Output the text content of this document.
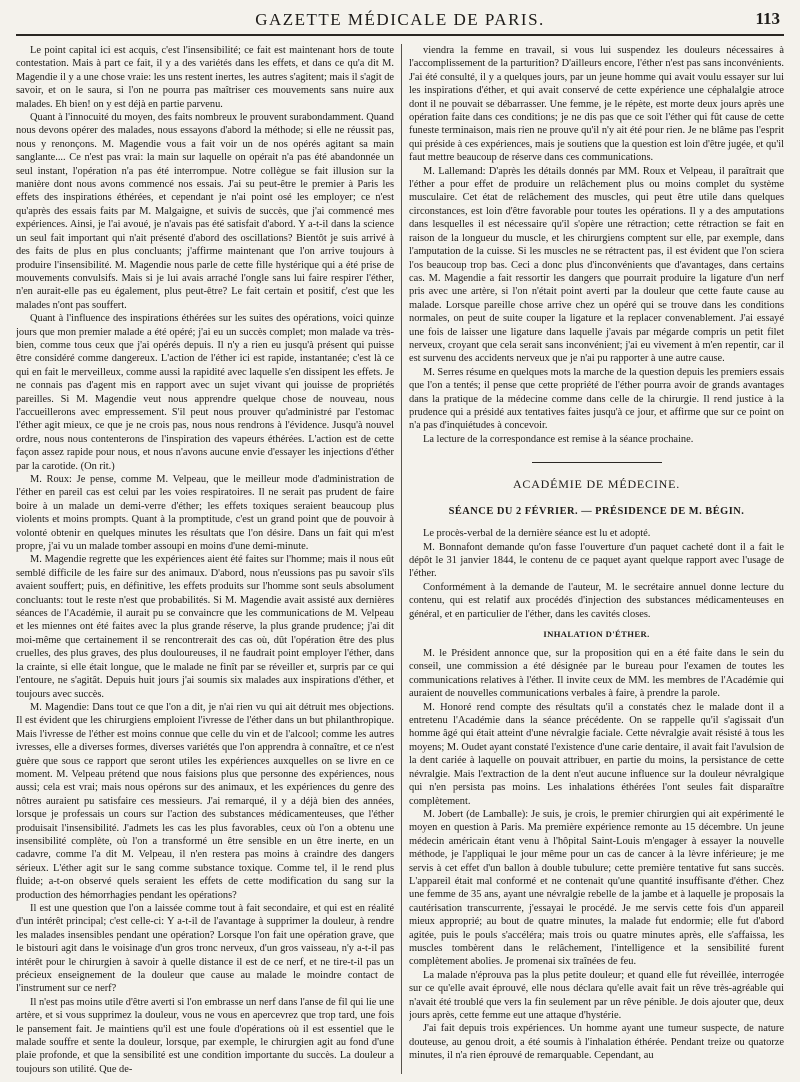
GAZETTE MÉDICALE DE PARIS.	113

Le point capital ici est acquis, c'est l'insensibilité; ce fait est maintenant hors de toute contestation. Mais à part ce fait, il y a des variétés dans les effets, et dans ce qu'a dit M. Magendie il y a une chose vraie: les uns restent inertes, les autres s'agitent; mais il s'agit de savoir, et on le saura, si l'on ne pourra pas maîtriser ces mouvements sans nuire aux malades. Eh bien! on y est déjà en partie parvenu.

Quant à l'innocuité du moyen, des faits nombreux le prouvent surabondamment. Quand nous devons opérer des malades, nous essayons d'abord la méthode; si elle ne réussit pas, nous y renonçons. M. Magendie vous a fait voir un de nos opérés agitant sa main sanglante.... Ce n'est pas vrai: la main sur laquelle on opérait n'a pas été abandonnée un seul instant, l'opération n'a pas été interrompue. Notre collègue se fait illusion sur la manière dont nous avons commencé nos essais. J'ai su peut-être le premier à Paris les effets des inspirations éthérées, et cependant je n'ai point osé les employer; ce n'est qu'après des essais faits par M. Malgaigne, et suivis de succès, que j'ai commencé mes expériences. Ainsi, je l'ai avoué, je n'avais pas été satisfait d'abord. Y a-t-il dans la science un seul fait important qui n'ait présenté d'abord des oscillations? Bientôt je suis arrivé à des faits de plus en plus concluants; j'affirme maintenant que l'on arrive toujours à produire l'insensibilité. M. Magendie nous parle de cette fille hystérique qui a été prise de mouvements convulsifs. Mais si je lui avais arraché l'ongle sans lui faire respirer l'éther, n'en aurait-elle pas eu également, plus peut-être? Le fait certain et positif, c'est que les malades n'ont pas souffert.

Quant à l'influence des inspirations éthérées sur les suites des opérations, voici quinze jours que mon premier malade a été opéré; j'ai eu un succès complet; mon malade va très-bien, comme tous ceux que j'ai opérés depuis. Il n'y a rien eu jusqu'à présent qui puisse être considéré comme dangereux. L'action de l'éther ici est rapide, instantanée; c'est là ce qui en fait le merveilleux, comme aussi la rapidité avec laquelle s'en dissipent les effets. Je ne connais pas d'agent mis en rapport avec un sujet vivant qui jouisse de propriétés pareilles. Si M. Magendie veut nous apprendre quelque chose de nouveau, nous l'accueillerons avec empressement. S'il peut nous prouver qu'administré par l'estomac l'éther agit mieux, ce que je ne crois pas, nous nous rendrons à l'évidence. Jusqu'à nouvel ordre, nous nous contenterons de l'inspiration des vapeurs éthérées. L'action est de cette façon assez rapide pour nous, et nous n'avons aucune envie d'essayer les injections d'éther par la carotide. (On rit.)

M. Roux: Je pense, comme M. Velpeau, que le meilleur mode d'administration de l'éther en pareil cas est celui par les voies respiratoires. Il ne serait pas prudent de faire boire à un malade un demi-verre d'éther; les effets toxiques seraient beaucoup plus violents et moins prompts. Quant à la promptitude, c'est un grand point que de pouvoir à volonté obtenir en quelques minutes les résultats que l'on désire. Dans un fait qui m'est propre, j'ai vu un malade tomber assoupi en moins d'une demi-minute.

M. Magendie regrette que les expériences aient été faites sur l'homme; mais il nous eût semblé difficile de les faire sur des animaux. D'abord, nous n'eussions pas pu savoir s'ils avaient souffert; puis, en définitive, les effets produits sur l'homme sont seuls absolument concluants: tout le reste n'est que probabilités. Si M. Magendie avait assisté aux dernières séances de l'Académie, il aurait pu se convaincre que les communications de M. Velpeau et les miennes ont été faites avec la plus grande réserve, la plus grande prudence; j'ai dit moi-même que certainement il se rencontrerait des cas où, dût l'opération être des plus cruelles, des plus graves, des plus douloureuses, il ne faudrait point employer l'éther, dans la crainte, si elle était longue, que le malade ne finît par se réveiller et, surpris par ce qui l'entoure, ne s'agitât. Depuis huit jours j'ai soumis six malades aux inspirations d'éther, et toujours avec succès.

M. Magendie: Dans tout ce que l'on a dit, je n'ai rien vu qui ait détruit mes objections. Il est évident que les chirurgiens emploient l'ivresse de l'éther dans un but philanthropique. Mais l'ivresse de l'éther est moins connue que celle du vin et de l'alcool; comme les autres ivresses, elle a diverses formes, diverses variétés que l'on apprendra à connaître, et ce n'est guère que sous ce rapport que seront utiles les expériences auxquelles on se livre en ce moment. M. Velpeau prétend que nous faisions plus que personne des expériences, nous aussi; cela est vrai; mais nous opérons sur des animaux, et les expériences du genre des nôtres auraient pu satisfaire ces messieurs. J'ai remarqué, il y a déjà bien des années, lorsque je professais un cours sur l'action des substances médicamenteuses, que l'éther produisait l'insensibilité. J'admets les cas les plus favorables, ceux où l'on a obtenu une insensibilité complète, où l'on a transformé un être sensible en un être inerte, en un cadavre, comme l'a dit M. Velpeau, il n'en restera pas moins à craindre des dangers sérieux. L'éther agit sur le sang comme substance toxique. Comme tel, il le rend plus fluide; a-t-on observé quels seraient les effets de cette modification du sang sur la production des hémorrhagies pendant les opérations?

Il est une question que l'on a laissée comme tout à fait secondaire, et qui est en réalité d'un intérêt principal; c'est celle-ci: Y a-t-il de l'avantage à supprimer la douleur, à rendre les malades insensibles pendant une opération? Lorsque l'on fait une opération grave, que le bistouri agit dans le voisinage d'un gros tronc nerveux, d'un gros vaisseau, n'y a-t-il pas intérêt pour le chirurgien à savoir à quelle distance il est de ce nerf, et ne tire-t-il pas un précieux enseignement de la douleur que cause au malade le moindre contact de l'instrument sur ce nerf?

Il n'est pas moins utile d'être averti si l'on embrasse un nerf dans l'anse de fil qui lie une artère, et si vous supprimez la douleur, vous ne vous en apercevrez que trop tard, une fois le pansement fait. Je maintiens qu'il est une foule d'opérations où il est essentiel que le malade souffre et sente la douleur, lorsque, par exemple, le chirurgien agit au fond d'une plaie profonde, et que la sensibilité est une condition importante du succès. La douleur a toujours son utilité. Que de-

viendra la femme en travail, si vous lui suspendez les douleurs nécessaires à l'accomplissement de la parturition? D'ailleurs encore, l'éther n'est pas sans inconvénients. J'ai été consulté, il y a quelques jours, par un jeune homme qui avait voulu essayer sur lui les inspirations d'éther, et qui avait conservé de cette expérience une céphalalgie atroce dont il ne pouvait se débarrasser. Une femme, je le répète, est morte deux jours après une opération faite dans ces conditions; je ne dis pas que ce soit l'éther qui fût cause de cette funeste terminaison, mais rien ne prouve qu'il n'y ait été pour rien. Je ne blâme pas l'esprit qui préside à ces expériences, mais je soutiens que la question est loin d'être jugée, et qu'il faut mettre beaucoup de réserve dans ces communications.

M. Lallemand: D'après les détails donnés par MM. Roux et Velpeau, il paraîtrait que l'éther a pour effet de produire un relâchement plus ou moins complet du système musculaire. Cet état de relâchement des muscles, qui peut être utile dans quelques circonstances, est loin d'être favorable pour toutes les opérations. Il y a des amputations dans lesquelles il est nécessaire qu'il s'opère une rétraction; cette rétraction se fait en raison de la longueur du muscle, et les chirurgiens comptent sur elle, par exemple, dans l'amputation de la cuisse. Si les muscles ne se rétractent pas, il est évident que l'on sciera l'os beaucoup trop bas. Ceci a donc plus d'inconvénients que d'avantages, dans certains cas. M. Magendie a fait ressortir les dangers que pourrait produire la ligature d'un nerf pris avec une artère, si l'on n'était point averti par la douleur que cette faute cause au malade. Lorsque pareille chose arrive chez un opéré qui se trouve dans les conditions normales, on peut de suite couper la ligature et la replacer convenablement. J'ai essayé une fois de laisser une ligature dans laquelle j'avais par mégarde compris un petit filet nerveux, croyant que cela serait sans inconvénient; j'ai eu vivement à m'en repentir, car il est survenu des accidents nerveux que je n'ai pu rapporter à une autre cause.

M. Serres résume en quelques mots la marche de la question depuis les premiers essais que l'on a tentés; il pense que cette propriété de l'éther pourra avoir de grands avantages dans la pratique de la médecine comme dans celle de la chirurgie. Il rend justice à la prudence qui a présidé aux tentatives faites jusqu'à ce jour, et affirme que sur ce point on n'a pas d'inquiétudes à concevoir.

La lecture de la correspondance est remise à la séance prochaine.

ACADÉMIE DE MÉDECINE.
SÉANCE DU 2 FÉVRIER. — PRÉSIDENCE DE M. BÉGIN.

Le procès-verbal de la dernière séance est lu et adopté.

M. Bonnafont demande qu'on fasse l'ouverture d'un paquet cacheté dont il a fait le dépôt le 31 janvier 1844, le contenu de ce paquet ayant quelque rapport avec l'usage de l'éther.

Conformément à la demande de l'auteur, M. le secrétaire annuel donne lecture du contenu, qui est relatif aux procédés d'injection des substances médicamenteuses en général, et en particulier de l'éther, dans les cavités closes.

INHALATION D'ÉTHER.

M. le Président annonce que, sur la proposition qui en a été faite dans le sein du conseil, une commission a été désignée par le bureau pour l'examen de toutes les communications relatives à l'éther. Il invite ceux de MM. les membres de l'Académie qui auraient de nouvelles communications verbales à faire, à prendre la parole.

M. Honoré rend compte des résultats qu'il a constatés chez le malade dont il a entretenu l'Académie dans la séance précédente. On se rappelle qu'il s'agissait d'un homme âgé qui était atteint d'une névralgie faciale. Cette névralgie avait résisté à tous les moyens; M. Oudet ayant constaté l'existence d'une carie dentaire, il avait fait l'avulsion de la dent cariée à laquelle on pouvait attribuer, en partie du moins, la persistance de cette névralgie. Mais l'extraction de la dent n'eut aucune influence sur la douleur névralgique qui n'en persista pas moins. Les inhalations éthérées l'ont seules fait disparaître complètement.

M. Jobert (de Lamballe): Je suis, je crois, le premier chirurgien qui ait expérimenté le moyen en question à Paris. Ma première expérience remonte au 15 décembre. Un jeune médecin américain étant venu à l'hôpital Saint-Louis m'engager à essayer la nouvelle méthode, je l'appliquai le jour même pour un cas de cancer à la lèvre inférieure; je me servis à cet effet d'un ballon à double tubulure; cette première tentative fut sans succès. L'appareil était mal conformé et ne contenait qu'une quantité insuffisante d'éther. Chez une femme de 35 ans, ayant une névralgie rebelle de la jambe et à laquelle je proposais la cautérisation transcurrente, j'essayai le procédé. Je me servis cette fois d'un appareil mieux approprié; au bout de quatre minutes, la malade fut endormie; elle fut d'abord agitée, puis le pouls s'accéléra; mais trois ou quatre minutes après, elle s'affaissa, les muscles tombèrent dans le relâchement, l'intelligence et la sensibilité furent complètement abolies. Je promenai six traînées de feu.

La malade n'éprouva pas la plus petite douleur; et quand elle fut réveillée, interrogée sur ce qu'elle avait éprouvé, elle nous déclara qu'elle avait fait un rêve très-agréable qui n'avait été troublé que vers la fin seulement par un rêve pénible. Je dois ajouter que, deux jours après, cette femme eut une attaque d'hystérie.

J'ai fait depuis trois expériences. Un homme ayant une tumeur suspecte, de nature douteuse, au genou droit, a été soumis à l'inhalation éthérée. Pendant treize ou quatorze minutes, il n'a rien éprouvé de remarquable. Cependant, au
